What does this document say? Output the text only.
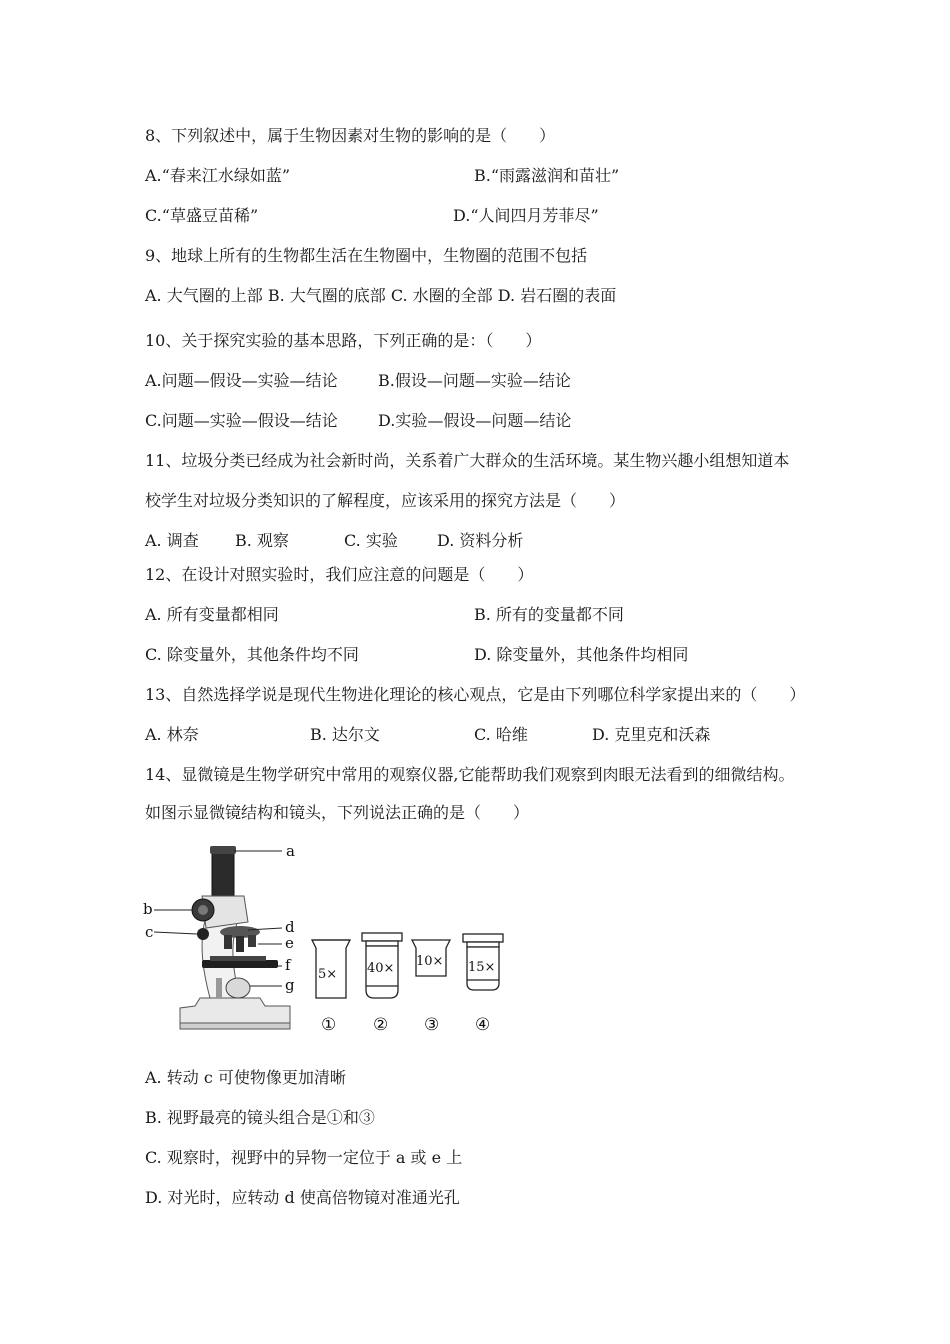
8、下列叙述中，属于生物因素对生物的影响的是（　　）
A.“春来江水绿如蓝”	B.“雨露滋润和苗壮”
C.“草盛豆苗稀”	D.“人间四月芳菲尽”
9、地球上所有的生物都生活在生物圈中，生物圈的范围不包括
A. 大气圈的上部 B. 大气圈的底部 C. 水圈的全部 D. 岩石圈的表面
10、关于探究实验的基本思路，下列正确的是：（　　）
A.问题—假设—实验—结论	B.假设—问题—实验—结论
C.问题—实验—假设—结论	D.实验—假设—问题—结论
11、垃圾分类已经成为社会新时尚，关系着广大群众的生活环境。某生物兴趣小组想知道本
校学生对垃圾分类知识的了解程度，应该采用的探究方法是（　　）
A. 调查 B. 观察	C. 实验 D. 资料分析
12、在设计对照实验时，我们应注意的问题是（　　）
A. 所有变量都相同	B. 所有的变量都不同
C. 除变量外，其他条件均不同	D. 除变量外，其他条件均相同
13、自然选择学说是现代生物进化理论的核心观点，它是由下列哪位科学家提出来的（　　）
A. 林奈	B. 达尔文	C. 哈维	D. 克里克和沃森
14、显微镜是生物学研究中常用的观察仪器,它能帮助我们观察到肉眼无法看到的细微结构。
如图示显微镜结构和镜头，下列说法正确的是（　　）
a
b
c	d
e
f
g
5×
①
40×
②
10×
③
15×
④
A. 转动 c 可使物像更加清晰
B. 视野最亮的镜头组合是①和③
C. 观察时，视野中的异物一定位于 a 或 e 上
D. 对光时，应转动 d 使高倍物镜对准通光孔
